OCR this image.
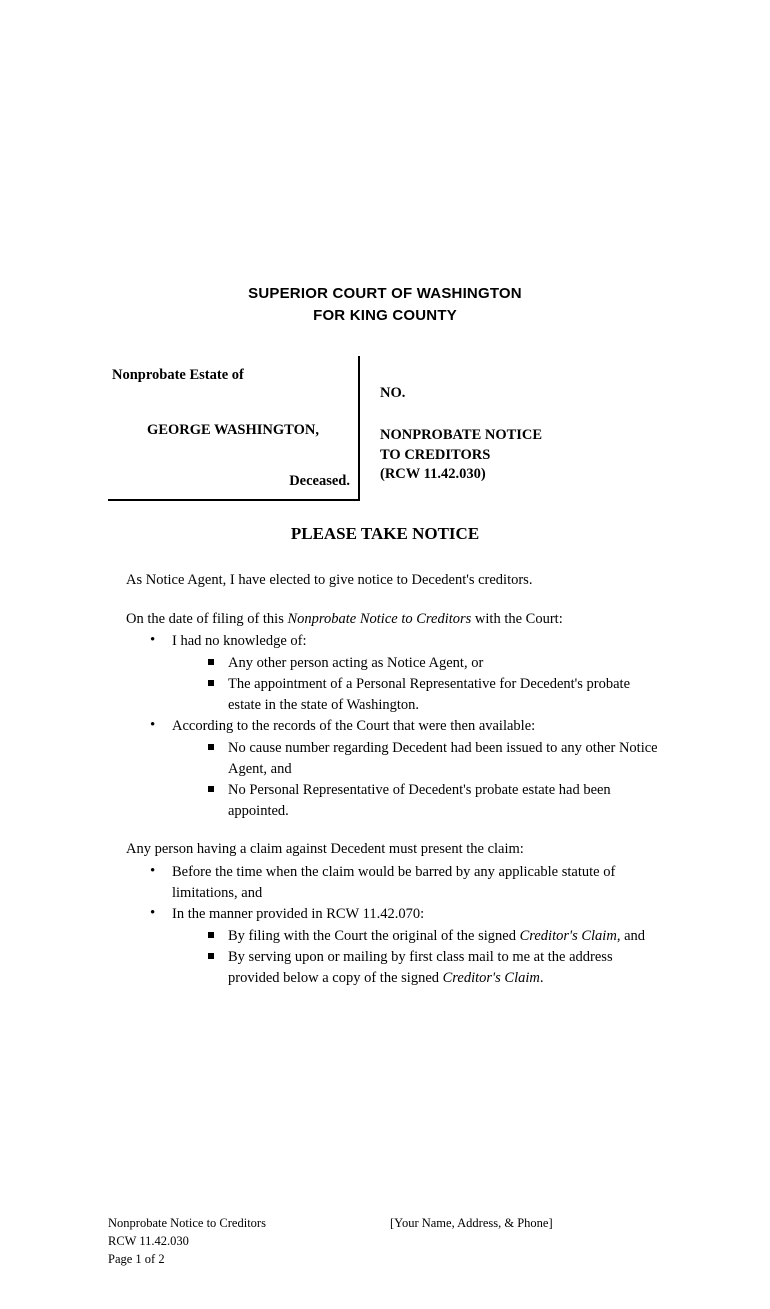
SUPERIOR COURT OF WASHINGTON
FOR KING COUNTY
Nonprobate Estate of
GEORGE WASHINGTON,
Deceased.
NO.
NONPROBATE NOTICE
TO CREDITORS
(RCW 11.42.030)
PLEASE TAKE NOTICE

As Notice Agent, I have elected to give notice to Decedent's creditors.

On the date of filing of this Nonprobate Notice to Creditors with the Court:

• I had no knowledge of:
Any other person acting as Notice Agent, or
The appointment of a Personal Representative for Decedent's probate estate in the state of Washington.
• According to the records of the Court that were then available:
No cause number regarding Decedent had been issued to any other Notice Agent, and
No Personal Representative of Decedent's probate estate had been appointed.

Any person having a claim against Decedent must present the claim:

• Before the time when the claim would be barred by any applicable statute of limitations, and
• In the manner provided in RCW 11.42.070:
By filing with the Court the original of the signed Creditor's Claim, and
By serving upon or mailing by first class mail to me at the address provided below a copy of the signed Creditor's Claim.
Nonprobate Notice to Creditors	[Your Name, Address, & Phone]
RCW 11.42.030
Page 1 of 2
